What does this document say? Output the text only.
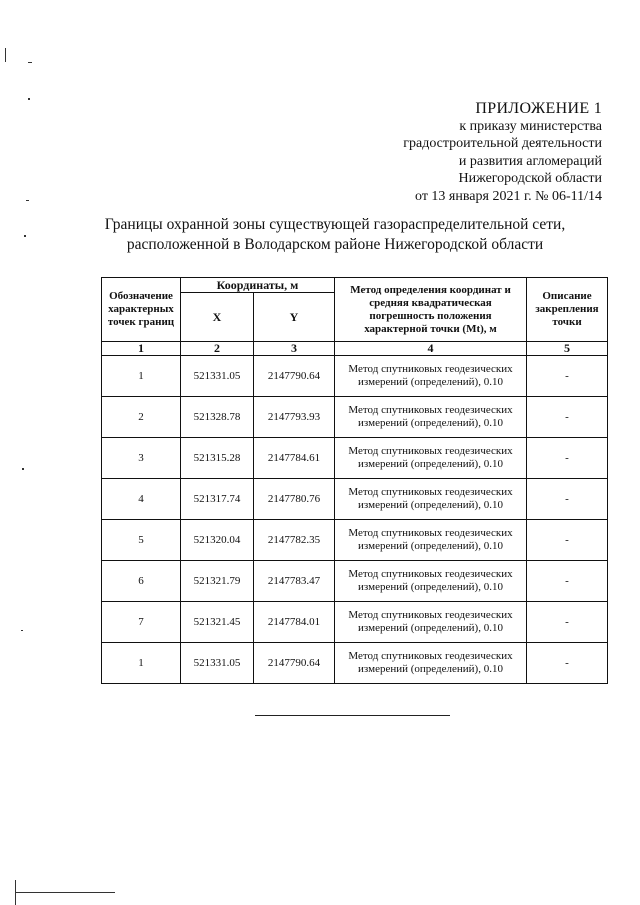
ПРИЛОЖЕНИЕ 1
к приказу министерства
градостроительной деятельности
и развития агломераций
Нижегородской области
от 13 января 2021 г. № 06-11/14
Границы охранной зоны существующей газораспределительной сети,
расположенной в Володарском районе Нижегородской области
Обозначение характерных точек границ	Координаты, м		Метод определения координат и средняя квадратическая погрешность положения характерной точки (Mt), м	Описание закрепления точки
	X	Y		
1	2	3	4	5
1	521331.05	2147790.64	Метод спутниковых геодезических измерений (определений), 0.10	-
2	521328.78	2147793.93	Метод спутниковых геодезических измерений (определений), 0.10	-
3	521315.28	2147784.61	Метод спутниковых геодезических измерений (определений), 0.10	-
4	521317.74	2147780.76	Метод спутниковых геодезических измерений (определений), 0.10	-
5	521320.04	2147782.35	Метод спутниковых геодезических измерений (определений), 0.10	-
6	521321.79	2147783.47	Метод спутниковых геодезических измерений (определений), 0.10	-
7	521321.45	2147784.01	Метод спутниковых геодезических измерений (определений), 0.10	-
1	521331.05	2147790.64	Метод спутниковых геодезических измерений (определений), 0.10	-
